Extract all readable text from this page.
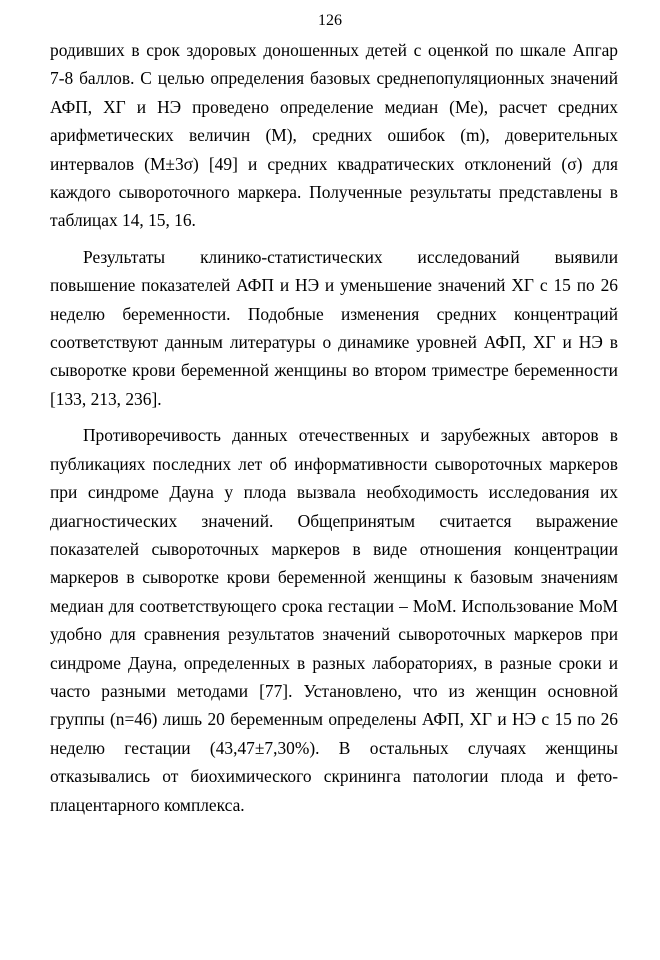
126
родивших в срок здоровых доношенных детей с оценкой по шкале Апгар
7-8 баллов. С целью определения базовых среднепопуляционных значений
АФП, ХГ и НЭ проведено определение медиан (Ме), расчет средних
арифметических величин (М), средних ошибок (m), доверительных
интервалов (М±3σ) [49] и средних квадратических отклонений (σ) для
каждого сывороточного маркера. Полученные результаты представлены в
таблицах 14, 15, 16.
Результаты клинико-статистических исследований выявили
повышение показателей АФП и НЭ и уменьшение значений ХГ с 15 по 26
неделю беременности. Подобные изменения средних концентраций
соответствуют данным литературы о динамике уровней АФП, ХГ и НЭ в
сыворотке крови беременной женщины во втором триместре беременности
[133, 213, 236].
Противоречивость данных отечественных и зарубежных авторов в
публикациях последних лет об информативности сывороточных маркеров
при синдроме Дауна у плода вызвала необходимость исследования их
диагностических значений. Общепринятым считается выражение
показателей сывороточных маркеров в виде отношения концентрации
маркеров в сыворотке крови беременной женщины к базовым значениям
медиан для соответствующего срока гестации – МоМ. Использование МоМ
удобно для сравнения результатов значений сывороточных маркеров при
синдроме Дауна, определенных в разных лабораториях, в разные сроки и
часто разными методами [77]. Установлено, что из женщин основной
группы (n=46) лишь 20 беременным определены АФП, ХГ и НЭ с 15 по 26
неделю гестации (43,47±7,30%). В остальных случаях женщины
отказывались от биохимического скрининга патологии плода и фето-
плацентарного комплекса.
